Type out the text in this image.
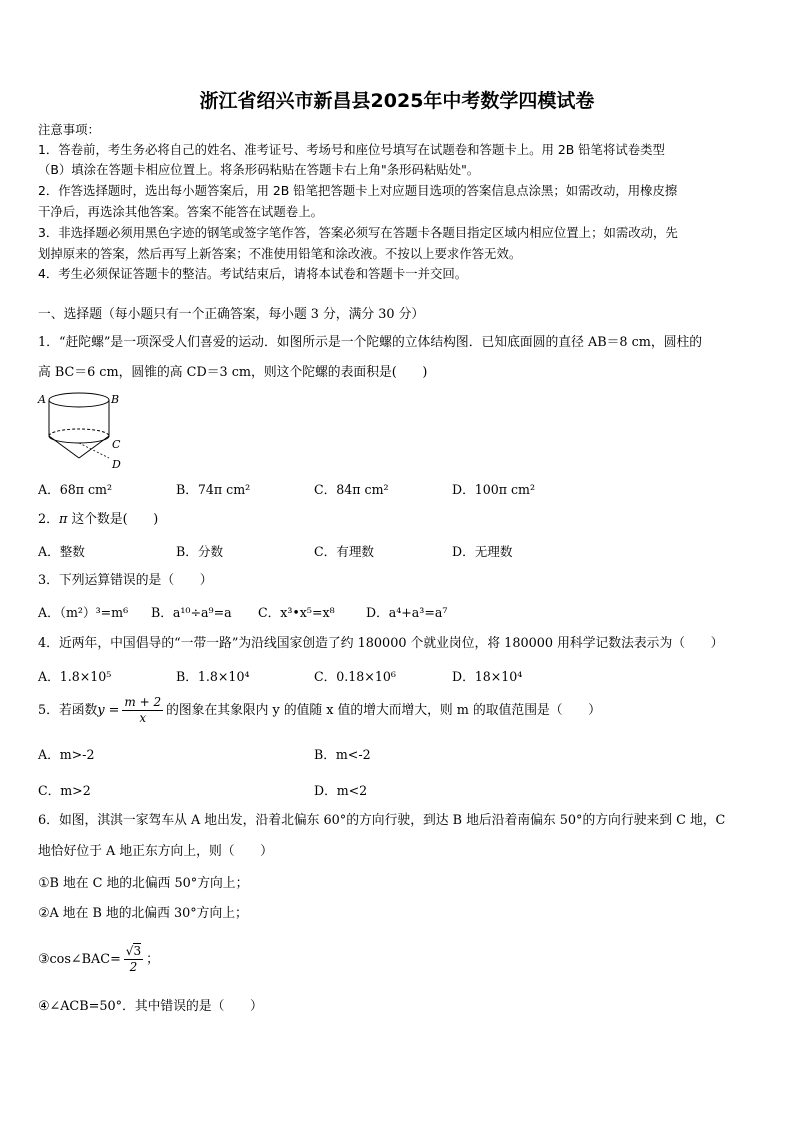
浙江省绍兴市新昌县2025年中考数学四模试卷
注意事项：
1．答卷前，考生务必将自己的姓名、准考证号、考场号和座位号填写在试题卷和答题卡上。用 2B 铅笔将试卷类型
（B）填涂在答题卡相应位置上。将条形码粘贴在答题卡右上角"条形码粘贴处"。
2．作答选择题时，选出每小题答案后，用 2B 铅笔把答题卡上对应题目选项的答案信息点涂黑；如需改动，用橡皮擦
干净后，再选涂其他答案。答案不能答在试题卷上。
3．非选择题必须用黑色字迹的钢笔或签字笔作答，答案必须写在答题卡各题目指定区域内相应位置上；如需改动，先
划掉原来的答案，然后再写上新答案；不准使用铅笔和涂改液。不按以上要求作答无效。
4．考生必须保证答题卡的整洁。考试结束后，请将本试卷和答题卡一并交回。
一、选择题（每小题只有一个正确答案，每小题 3 分，满分 30 分）
1．“赶陀螺”是一项深受人们喜爱的运动．如图所示是一个陀螺的立体结构图．已知底面圆的直径 AB＝8 cm，圆柱的
高 BC＝6 cm，圆锥的高 CD＝3 cm，则这个陀螺的表面积是(　　)
A	B
C
D
A．68π cm²	B．74π cm²	C．84π cm²	D．100π cm²
2．π 这个数是(　　)
A．整数	B．分数	C．有理数	D．无理数
3．下列运算错误的是（　　）
A．（m²）³=m⁶ B．a¹⁰÷a⁹=a C．x³•x⁵=x⁸ D．a⁴+a³=a⁷
4．近两年，中国倡导的“一带一路”为沿线国家创造了约 180000 个就业岗位，将 180000 用科学记数法表示为（　　）
A．1.8×10⁵	B．1.8×10⁴	C．0.18×10⁶	D．18×10⁴
5．若函数$y = \frac{m + 2}{x}$ 的图象在其象限内 y 的值随 x 值的增大而增大，则 m 的取值范围是（　　）
A．m>-2	B．m<-2
C．m>2	D．m<2
6．如图，淇淇一家驾车从 A 地出发，沿着北偏东 60°的方向行驶，到达 B 地后沿着南偏东 50°的方向行驶来到 C 地，C
地恰好位于 A 地正东方向上，则（　　）
①B 地在 C 地的北偏西 50°方向上；
②A 地在 B 地的北偏西 30°方向上；
③cos∠BAC= $\frac{√3}{2}$ ；
④∠ACB=50°．其中错误的是（　　）
